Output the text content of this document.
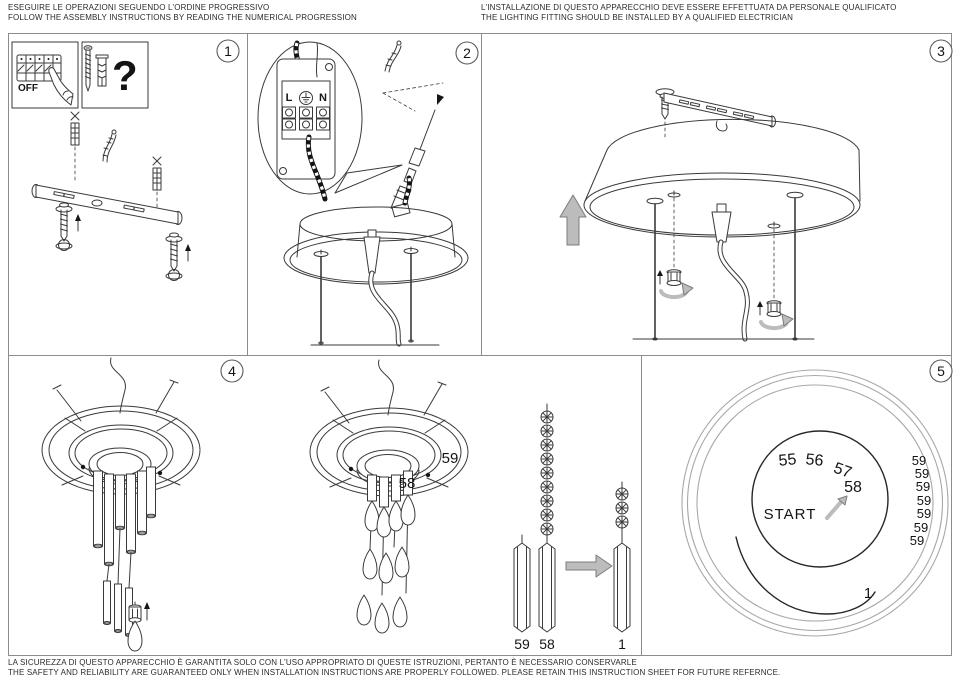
ESEGUIRE LE OPERAZIONI SEGUENDO L'ORDINE PROGRESSIVO
FOLLOW THE ASSEMBLY INSTRUCTIONS BY READING THE NUMERICAL PROGRESSION
L'INSTALLAZIONE DI QUESTO APPARECCHIO DEVE ESSERE EFFETTUATA DA PERSONALE QUALIFICATO
THE LIGHTING FITTING SHOULD BE INSTALLED BY A QUALIFIED ELECTRICIAN
1
OFF ?	2
L N
3
4
59
58
59 58	1
5
55 56 57
58
START
1
59
59
59
59
59
59
59
LA SICUREZZA DI QUESTO APPARECCHIO È GARANTITA SOLO CON L'USO APPROPRIATO DI QUESTE ISTRUZIONI, PERTANTO È NECESSARIO CONSERVARLE
THE SAFETY AND RELIABILITY ARE GUARANTEED ONLY WHEN INSTALLATION INSTRUCTIONS ARE PROPERLY FOLLOWED. PLEASE RETAIN THIS INSTRUCTION SHEET FOR FUTURE REFERNCE.
